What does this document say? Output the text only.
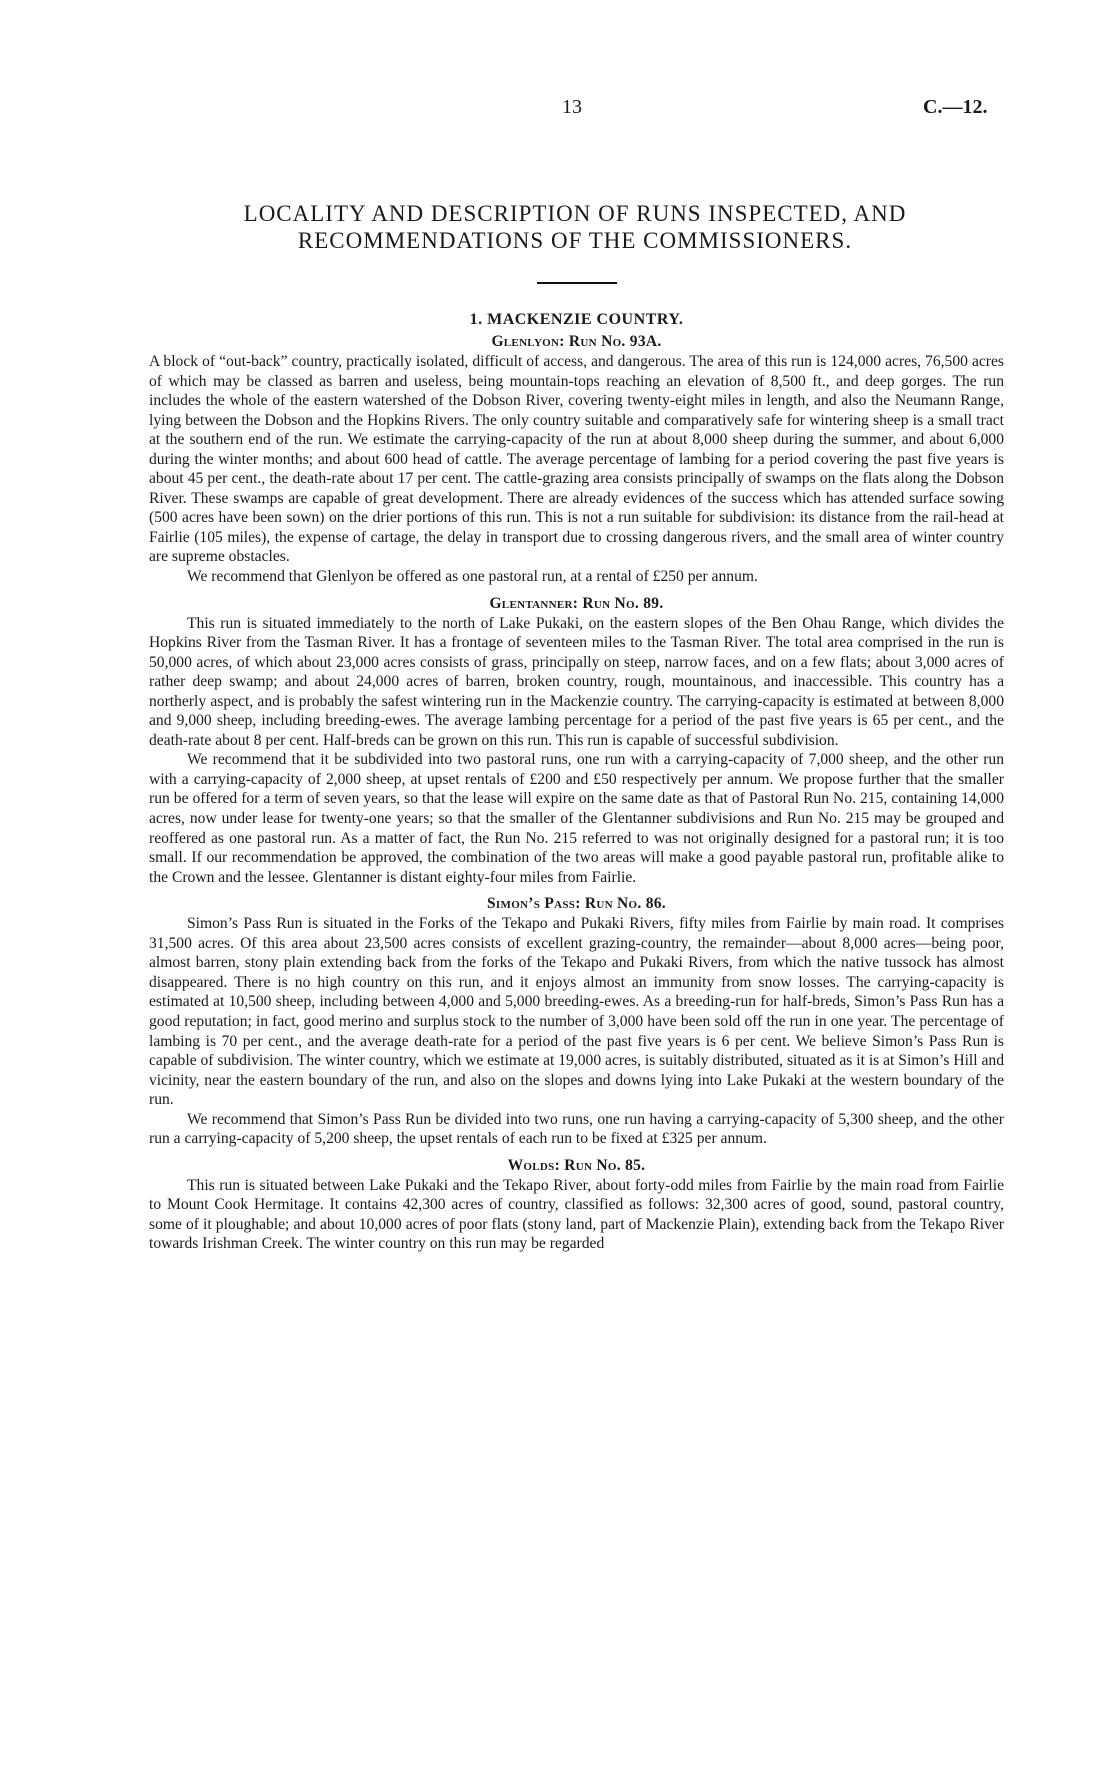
13	C.—12.
LOCALITY AND DESCRIPTION OF RUNS INSPECTED, AND RECOMMENDATIONS OF THE COMMISSIONERS.
1. MACKENZIE COUNTRY.
Glenlyon: Run No. 93A.

A block of “out-back” country, practically isolated, difficult of access, and dangerous. The area of this run is 124,000 acres, 76,500 acres of which may be classed as barren and useless, being mountain-tops reaching an elevation of 8,500 ft., and deep gorges. The run includes the whole of the eastern watershed of the Dobson River, covering twenty-eight miles in length, and also the Neumann Range, lying between the Dobson and the Hopkins Rivers. The only country suitable and comparatively safe for wintering sheep is a small tract at the southern end of the run. We estimate the carrying-capacity of the run at about 8,000 sheep during the summer, and about 6,000 during the winter months; and about 600 head of cattle. The average percentage of lambing for a period covering the past five years is about 45 per cent., the death-rate about 17 per cent. The cattle-grazing area consists principally of swamps on the flats along the Dobson River. These swamps are capable of great development. There are already evidences of the success which has attended surface sowing (500 acres have been sown) on the drier portions of this run. This is not a run suitable for subdivision: its distance from the rail-head at Fairlie (105 miles), the expense of cartage, the delay in transport due to crossing dangerous rivers, and the small area of winter country are supreme obstacles.

We recommend that Glenlyon be offered as one pastoral run, at a rental of £250 per annum.

Glentanner: Run No. 89.

This run is situated immediately to the north of Lake Pukaki, on the eastern slopes of the Ben Ohau Range, which divides the Hopkins River from the Tasman River. It has a frontage of seventeen miles to the Tasman River. The total area comprised in the run is 50,000 acres, of which about 23,000 acres consists of grass, principally on steep, narrow faces, and on a few flats; about 3,000 acres of rather deep swamp; and about 24,000 acres of barren, broken country, rough, mountainous, and inaccessible. This country has a northerly aspect, and is probably the safest wintering run in the Mackenzie country. The carrying-capacity is estimated at between 8,000 and 9,000 sheep, including breeding-ewes. The average lambing percentage for a period of the past five years is 65 per cent., and the death-rate about 8 per cent. Half-breds can be grown on this run. This run is capable of successful subdivision.

We recommend that it be subdivided into two pastoral runs, one run with a carrying-capacity of 7,000 sheep, and the other run with a carrying-capacity of 2,000 sheep, at upset rentals of £200 and £50 respectively per annum. We propose further that the smaller run be offered for a term of seven years, so that the lease will expire on the same date as that of Pastoral Run No. 215, containing 14,000 acres, now under lease for twenty-one years; so that the smaller of the Glentanner subdivisions and Run No. 215 may be grouped and reoffered as one pastoral run. As a matter of fact, the Run No. 215 referred to was not originally designed for a pastoral run; it is too small. If our recommendation be approved, the combination of the two areas will make a good payable pastoral run, profitable alike to the Crown and the lessee. Glentanner is distant eighty-four miles from Fairlie.

Simon’s Pass: Run No. 86.

Simon’s Pass Run is situated in the Forks of the Tekapo and Pukaki Rivers, fifty miles from Fairlie by main road. It comprises 31,500 acres. Of this area about 23,500 acres consists of excellent grazing-country, the remainder—about 8,000 acres—being poor, almost barren, stony plain extending back from the forks of the Tekapo and Pukaki Rivers, from which the native tussock has almost disappeared. There is no high country on this run, and it enjoys almost an immunity from snow losses. The carrying-capacity is estimated at 10,500 sheep, including between 4,000 and 5,000 breeding-ewes. As a breeding-run for half-breds, Simon’s Pass Run has a good reputation; in fact, good merino and surplus stock to the number of 3,000 have been sold off the run in one year. The percentage of lambing is 70 per cent., and the average death-rate for a period of the past five years is 6 per cent. We believe Simon’s Pass Run is capable of subdivision. The winter country, which we estimate at 19,000 acres, is suitably distributed, situated as it is at Simon’s Hill and vicinity, near the eastern boundary of the run, and also on the slopes and downs lying into Lake Pukaki at the western boundary of the run.

We recommend that Simon’s Pass Run be divided into two runs, one run having a carrying-capacity of 5,300 sheep, and the other run a carrying-capacity of 5,200 sheep, the upset rentals of each run to be fixed at £325 per annum.

Wolds: Run No. 85.

This run is situated between Lake Pukaki and the Tekapo River, about forty-odd miles from Fairlie by the main road from Fairlie to Mount Cook Hermitage. It contains 42,300 acres of country, classified as follows: 32,300 acres of good, sound, pastoral country, some of it ploughable; and about 10,000 acres of poor flats (stony land, part of Mackenzie Plain), extending back from the Tekapo River towards Irishman Creek. The winter country on this run may be regarded
